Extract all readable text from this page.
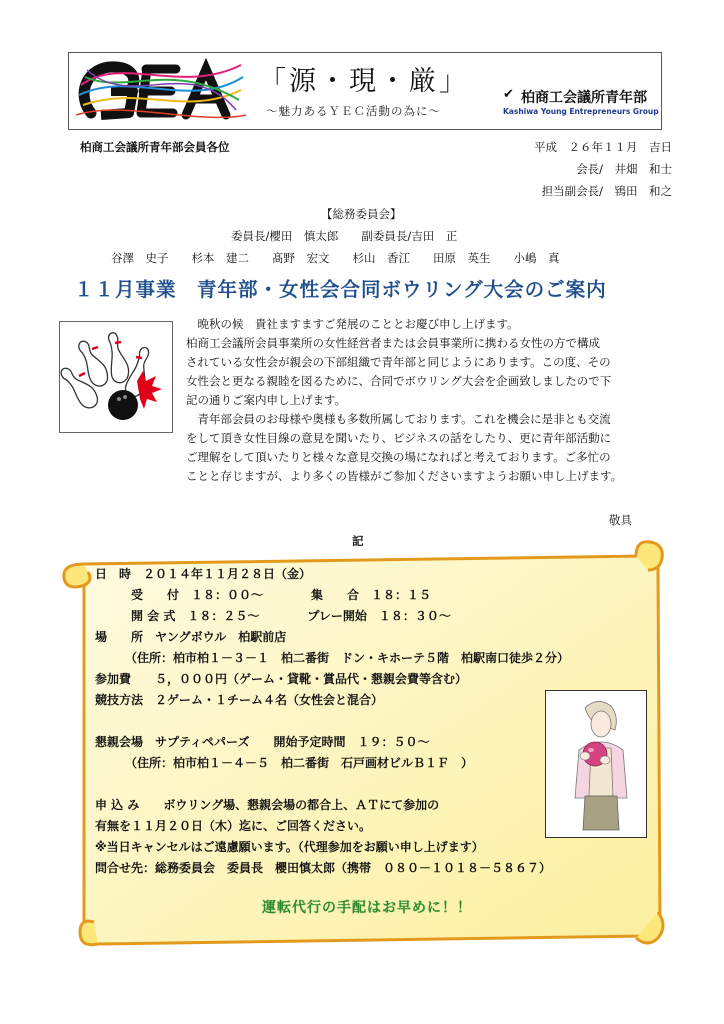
「源・現・厳」
～魅力あるＹＥＣ活動の為に～
✔ 柏商工会議所青年部
Kashiwa Young Entrepreneurs Group
柏商工会議所青年部会員各位	平成　２６年１１月　吉日
会長/　井畑　和士
担当副会長/　鴇田　和之
【総務委員会】
委員長/櫻田　慎太郎　　副委員長/吉田　正
谷澤　史子　　杉本　建二　　髙野　宏文　　杉山　香江　　田原　英生　　小嶋　真
１１月事業　青年部・女性会合同ボウリング大会のご案内
　晩秋の候　貴社ますますご発展のこととお慶び申し上げます。
柏商工会議所会員事業所の女性経営者または会員事業所に携わる女性の方で構成
されている女性会が親会の下部組織で青年部と同じようにあります。この度、その
女性会と更なる親睦を図るために、合同でボウリング大会を企画致しましたので下
記の通りご案内申し上げます。
　青年部会員のお母様や奥様も多数所属しております。これを機会に是非とも交流
をして頂き女性目線の意見を聞いたり、ビジネスの話をしたり、更に青年部活動に
ご理解をして頂いたりと様々な意見交換の場になればと考えております。ご多忙の
ことと存じますが、より多くの皆様がご参加くださいますようお願い申し上げます。
敬具
記
日　時　２０１４年１１月２８日（金）
　　　受　　付　１８：００～　　　　集　　合　１８：１５
　　　開 会 式　１８：２５～　　　　プレー開始　１８：３０～
場　　所　ヤングボウル　柏駅前店
　　　（住所：柏市柏１－３－１　柏二番街　ドン・キホーテ５階　柏駅南口徒歩２分）
参加費　　５，０００円（ゲーム・貸靴・賞品代・懇親会費等含む）
競技方法　２ゲーム・１チーム４名（女性会と混合）
懇親会場　サプティペパーズ　　開始予定時間　１９：５０～
　　　（住所：柏市柏１－４－５　柏二番街　石戸画材ビルＢ１Ｆ　）
申 込 み　　ボウリング場、懇親会場の都合上、ＡＴにて参加の
有無を１１月２０日（木）迄に、ご回答ください。
※当日キャンセルはご遠慮願います。（代理参加をお願い申し上げます）
問合せ先：総務委員会　委員長　櫻田慎太郎（携帯　０８０－１０１８－５８６７）
運転代行の手配はお早めに！！
